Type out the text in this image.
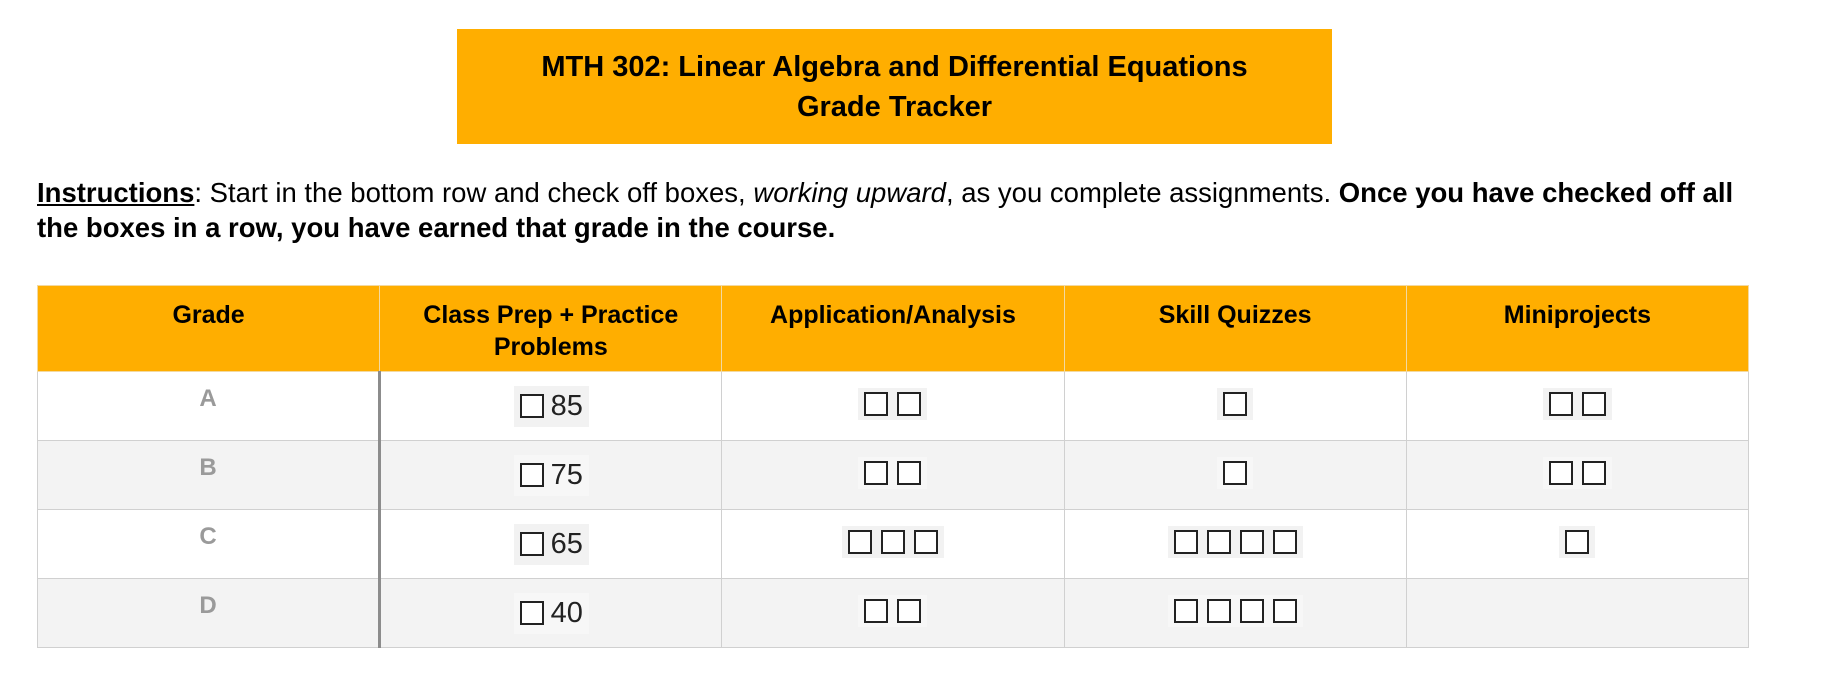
MTH 302: Linear Algebra and Differential Equations
Grade Tracker
Instructions: Start in the bottom row and check off boxes, working upward, as you complete assignments. Once you have checked off all the boxes in a row, you have earned that grade in the course.
Grade	Class Prep + Practice Problems	Application/Analysis	Skill Quizzes	Miniprojects
A	85			

B	75			

C	65			

D	40			
